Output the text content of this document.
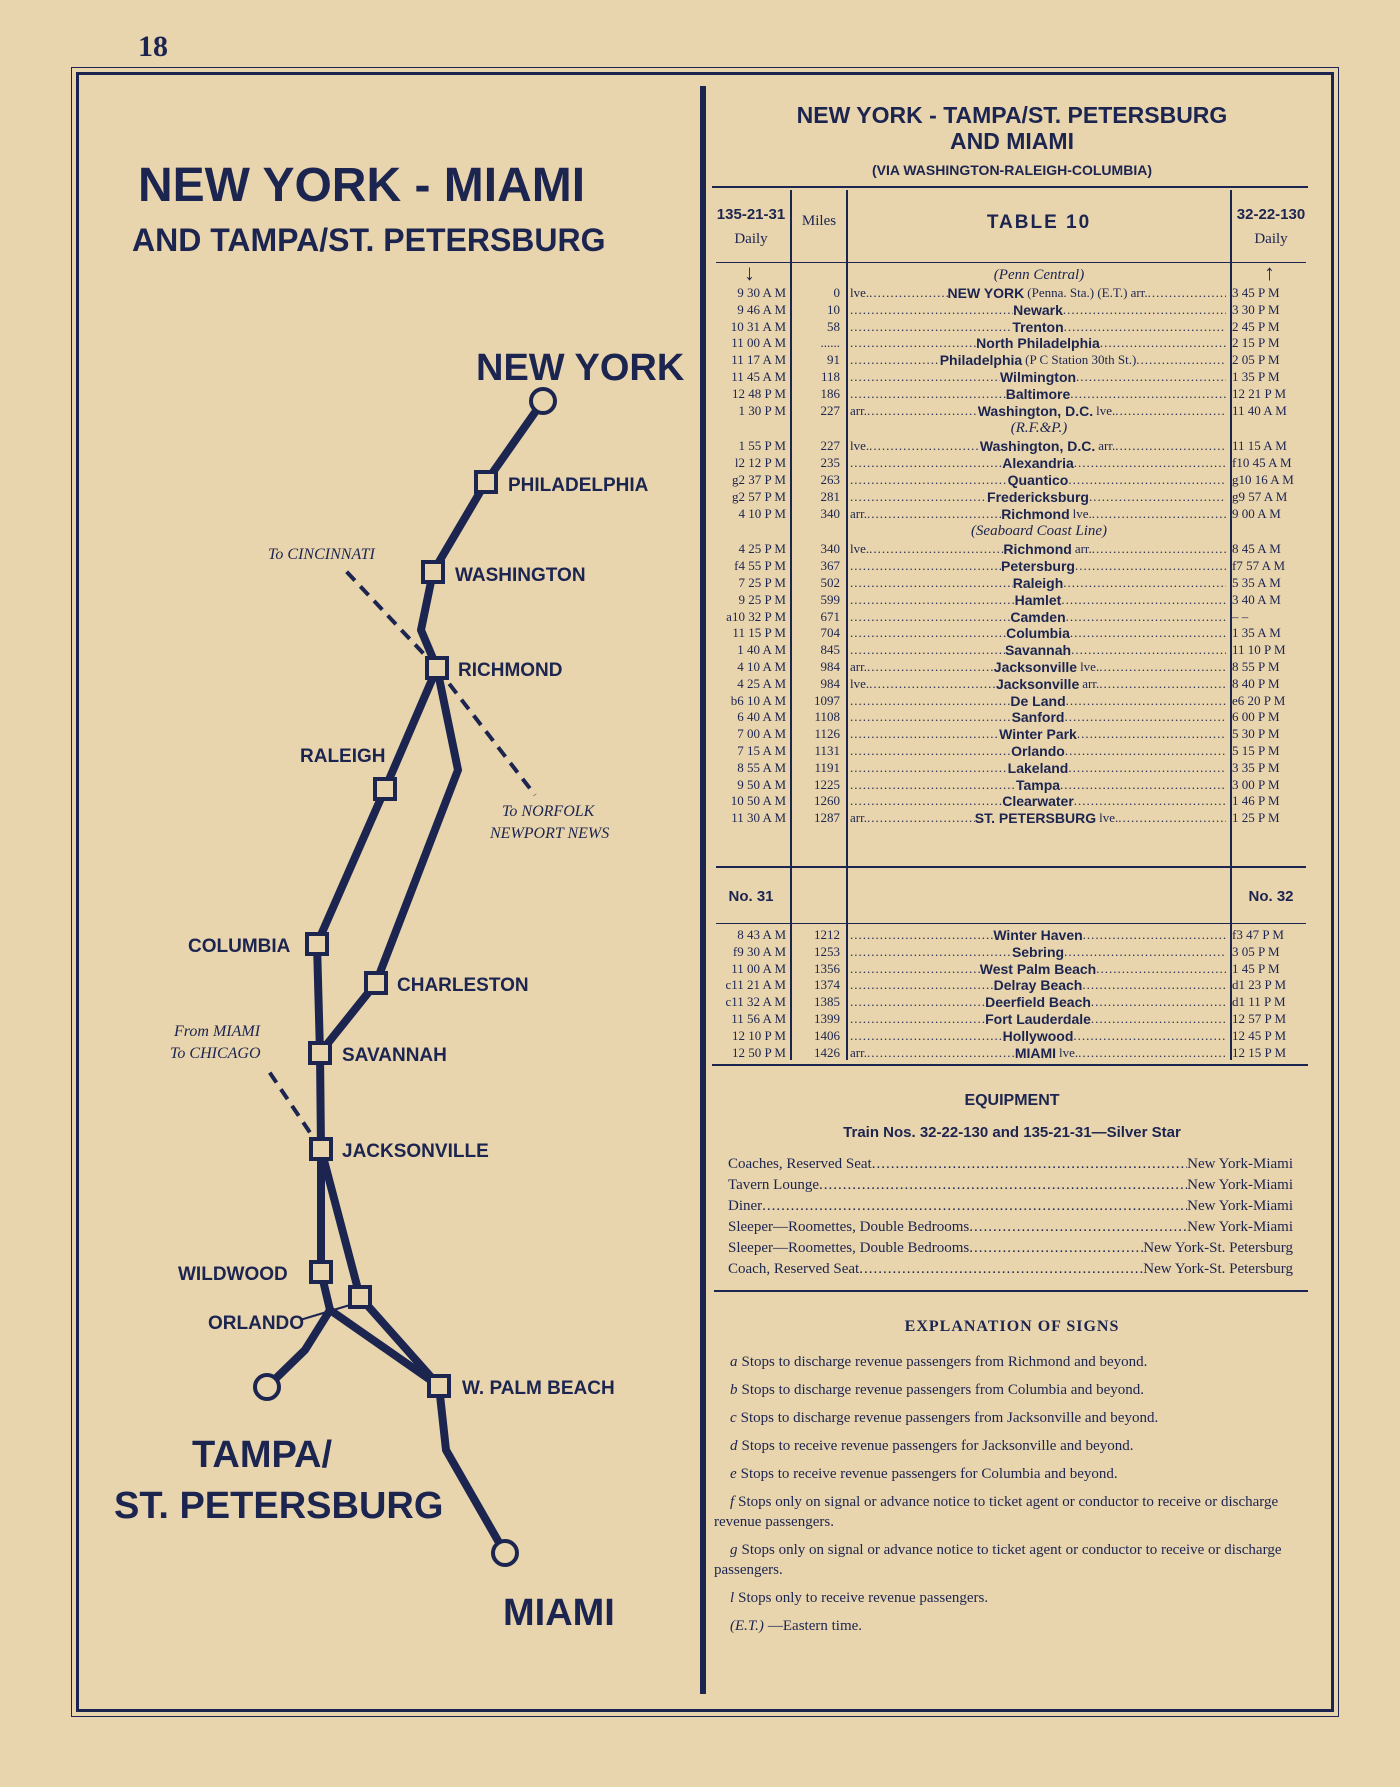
18
NEW YORK - MIAMI
AND TAMPA/ST. PETERSBURG
NEW YORK
PHILADELPHIA
WASHINGTON
RICHMOND
RALEIGH
COLUMBIA
CHARLESTON
SAVANNAH
JACKSONVILLE
WILDWOOD
ORLANDO
W. PALM BEACH
TAMPA/
ST. PETERSBURG
MIAMI
To CINCINNATI
To NORFOLK
NEWPORT NEWS
From MIAMI
To CHICAGO
NEW YORK - TAMPA/ST. PETERSBURG
AND MIAMI
(VIA WASHINGTON-RALEIGH-COLUMBIA)
135-21-31
Daily
Miles	TABLE 10	32-22-130
Daily
↓	↑
(Penn Central)
9 30 A M	0 lve. .....	NEW YORK (Penna. Sta.) (E.T.) arr. .....	3 45 P M
9 46 A M	10 .....	Newark .....	3 30 P M
10 31 A M	58 .....	Trenton .....	2 45 P M
11 00 A M	...... .....	North Philadelphia .....	2 15 P M
11 17 A M	91 .....	Philadelphia (P C Station 30th St.) .....	2 05 P M
11 45 A M	118 .....	Wilmington .....	1 35 P M
12 48 P M	186 .....	Baltimore .....	12 21 P M
1 30 P M	227 arr. .....	Washington, D.C. lve. .....	11 40 A M
(R.F.&P.)
1 55 P M	227 lve. .....	Washington, D.C. arr. .....	11 15 A M
l2 12 P M	235 .....	Alexandria .....	f10 45 A M
g2 37 P M	263 .....	Quantico .....	g10 16 A M
g2 57 P M	281 .....	Fredericksburg .....	g9 57 A M
4 10 P M	340 arr. .....	Richmond lve. .....	9 00 A M
(Seaboard Coast Line)
4 25 P M	340 lve. .....	Richmond arr. .....	8 45 A M
f4 55 P M	367 .....	Petersburg .....	f7 57 A M
7 25 P M	502 .....	Raleigh .....	5 35 A M
9 25 P M	599 .....	Hamlet .....	3 40 A M
a10 32 P M	671 .....	Camden .....	– –
11 15 P M	704 .....	Columbia .....	1 35 A M
1 40 A M	845 .....	Savannah .....	11 10 P M
4 10 A M	984 arr. .....	Jacksonville lve. .....	8 55 P M
4 25 A M	984 lve. .....	Jacksonville arr. .....	8 40 P M
b6 10 A M	1097 .....	De Land .....	e6 20 P M
6 40 A M	1108 .....	Sanford .....	6 00 P M
7 00 A M	1126 .....	Winter Park .....	5 30 P M
7 15 A M	1131 .....	Orlando .....	5 15 P M
8 55 A M	1191 .....	Lakeland .....	3 35 P M
9 50 A M	1225 .....	Tampa .....	3 00 P M
10 50 A M	1260 .....	Clearwater .....	1 46 P M
11 30 A M	1287 arr. .....	ST. PETERSBURG lve. .....	1 25 P M
No. 31	No. 32
8 43 A M	1212 .....	Winter Haven .....	f3 47 P M
f9 30 A M	1253 .....	Sebring .....	3 05 P M
11 00 A M	1356 .....	West Palm Beach .....	1 45 P M
c11 21 A M	1374 .....	Delray Beach .....	d1 23 P M
c11 32 A M	1385 .....	Deerfield Beach .....	d1 11 P M
11 56 A M	1399 .....	Fort Lauderdale .....	12 57 P M
12 10 P M	1406 .....	Hollywood .....	12 45 P M
12 50 P M	1426 arr. .....	MIAMI lve. .....	12 15 P M
EQUIPMENT
Train Nos. 32-22-130 and 135-21-31—Silver Star
Coaches, Reserved Seat .....	New York-Miami
Tavern Lounge .....	New York-Miami
Diner .....	New York-Miami
Sleeper—Roomettes, Double Bedrooms .....	New York-Miami
Sleeper—Roomettes, Double Bedrooms .....	New York-St. Petersburg
Coach, Reserved Seat .....	New York-St. Petersburg
EXPLANATION OF SIGNS
a Stops to discharge revenue passengers from Richmond and beyond.
b Stops to discharge revenue passengers from Columbia and beyond.
c Stops to discharge revenue passengers from Jacksonville and beyond.
d Stops to receive revenue passengers for Jacksonville and beyond.
e Stops to receive revenue passengers for Columbia and beyond.
f Stops only on signal or advance notice to ticket agent or conductor to receive or discharge revenue passengers.
g Stops only on signal or advance notice to ticket agent or conductor to receive or discharge passengers.
l Stops only to receive revenue passengers.
(E.T.) —Eastern time.
